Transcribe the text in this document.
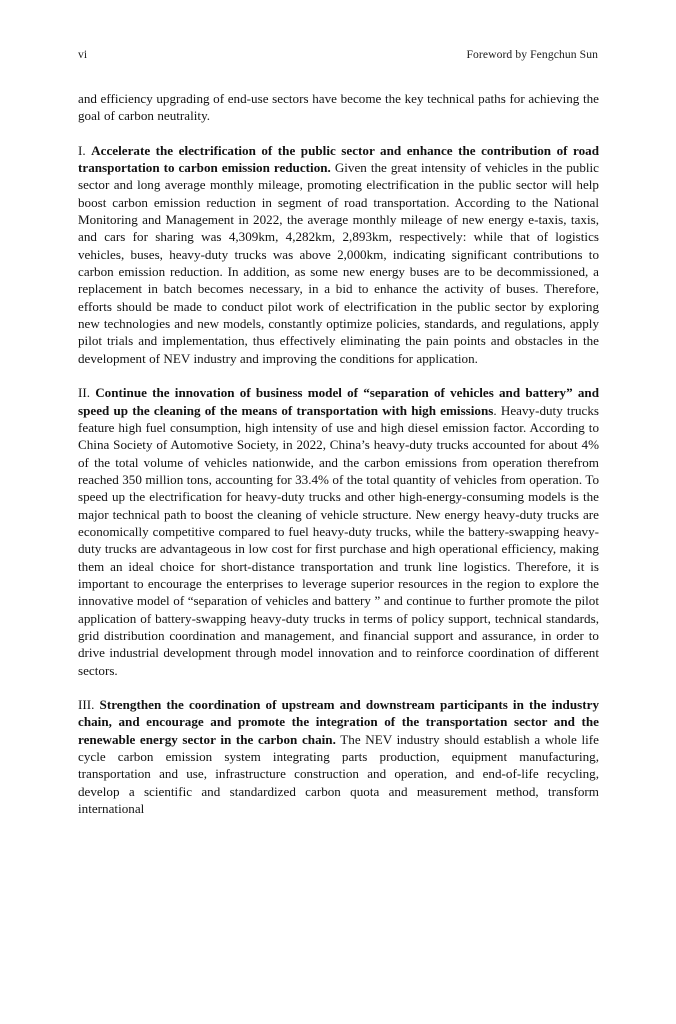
vi	Foreword by Fengchun Sun

and efficiency upgrading of end-use sectors have become the key technical paths for achieving the goal of carbon neutrality.

I. Accelerate the electrification of the public sector and enhance the contribution of road transportation to carbon emission reduction. Given the great intensity of vehicles in the public sector and long average monthly mileage, promoting electrification in the public sector will help boost carbon emission reduction in segment of road transportation. According to the National Monitoring and Management in 2022, the average monthly mileage of new energy e-taxis, taxis, and cars for sharing was 4,309km, 4,282km, 2,893km, respectively: while that of logistics vehicles, buses, heavy-duty trucks was above 2,000km, indicating significant contributions to carbon emission reduction. In addition, as some new energy buses are to be decommissioned, a replacement in batch becomes necessary, in a bid to enhance the activity of buses. Therefore, efforts should be made to conduct pilot work of electrification in the public sector by exploring new technologies and new models, constantly optimize policies, standards, and regulations, apply pilot trials and implementation, thus effectively eliminating the pain points and obstacles in the development of NEV industry and improving the conditions for application.

II. Continue the innovation of business model of “separation of vehicles and battery” and speed up the cleaning of the means of transportation with high emissions. Heavy-duty trucks feature high fuel consumption, high intensity of use and high diesel emission factor. According to China Society of Automotive Society, in 2022, China’s heavy-duty trucks accounted for about 4% of the total volume of vehicles nationwide, and the carbon emissions from operation therefrom reached 350 million tons, accounting for 33.4% of the total quantity of vehicles from operation. To speed up the electrification for heavy-duty trucks and other high-energy-consuming models is the major technical path to boost the cleaning of vehicle structure. New energy heavy-duty trucks are economically competitive compared to fuel heavy-duty trucks, while the battery-swapping heavy-duty trucks are advantageous in low cost for first purchase and high operational efficiency, making them an ideal choice for short-distance transportation and trunk line logistics. Therefore, it is important to encourage the enterprises to leverage superior resources in the region to explore the innovative model of “separation of vehicles and battery ” and continue to further promote the pilot application of battery-swapping heavy-duty trucks in terms of policy support, technical standards, grid distribution coordination and management, and financial support and assurance, in order to drive industrial development through model innovation and to reinforce coordination of different sectors.

III. Strengthen the coordination of upstream and downstream participants in the industry chain, and encourage and promote the integration of the transportation sector and the renewable energy sector in the carbon chain. The NEV industry should establish a whole life cycle carbon emission system integrating parts production, equipment manufacturing, transportation and use, infrastructure construction and operation, and end-of-life recycling, develop a scientific and standardized carbon quota and measurement method, transform international
